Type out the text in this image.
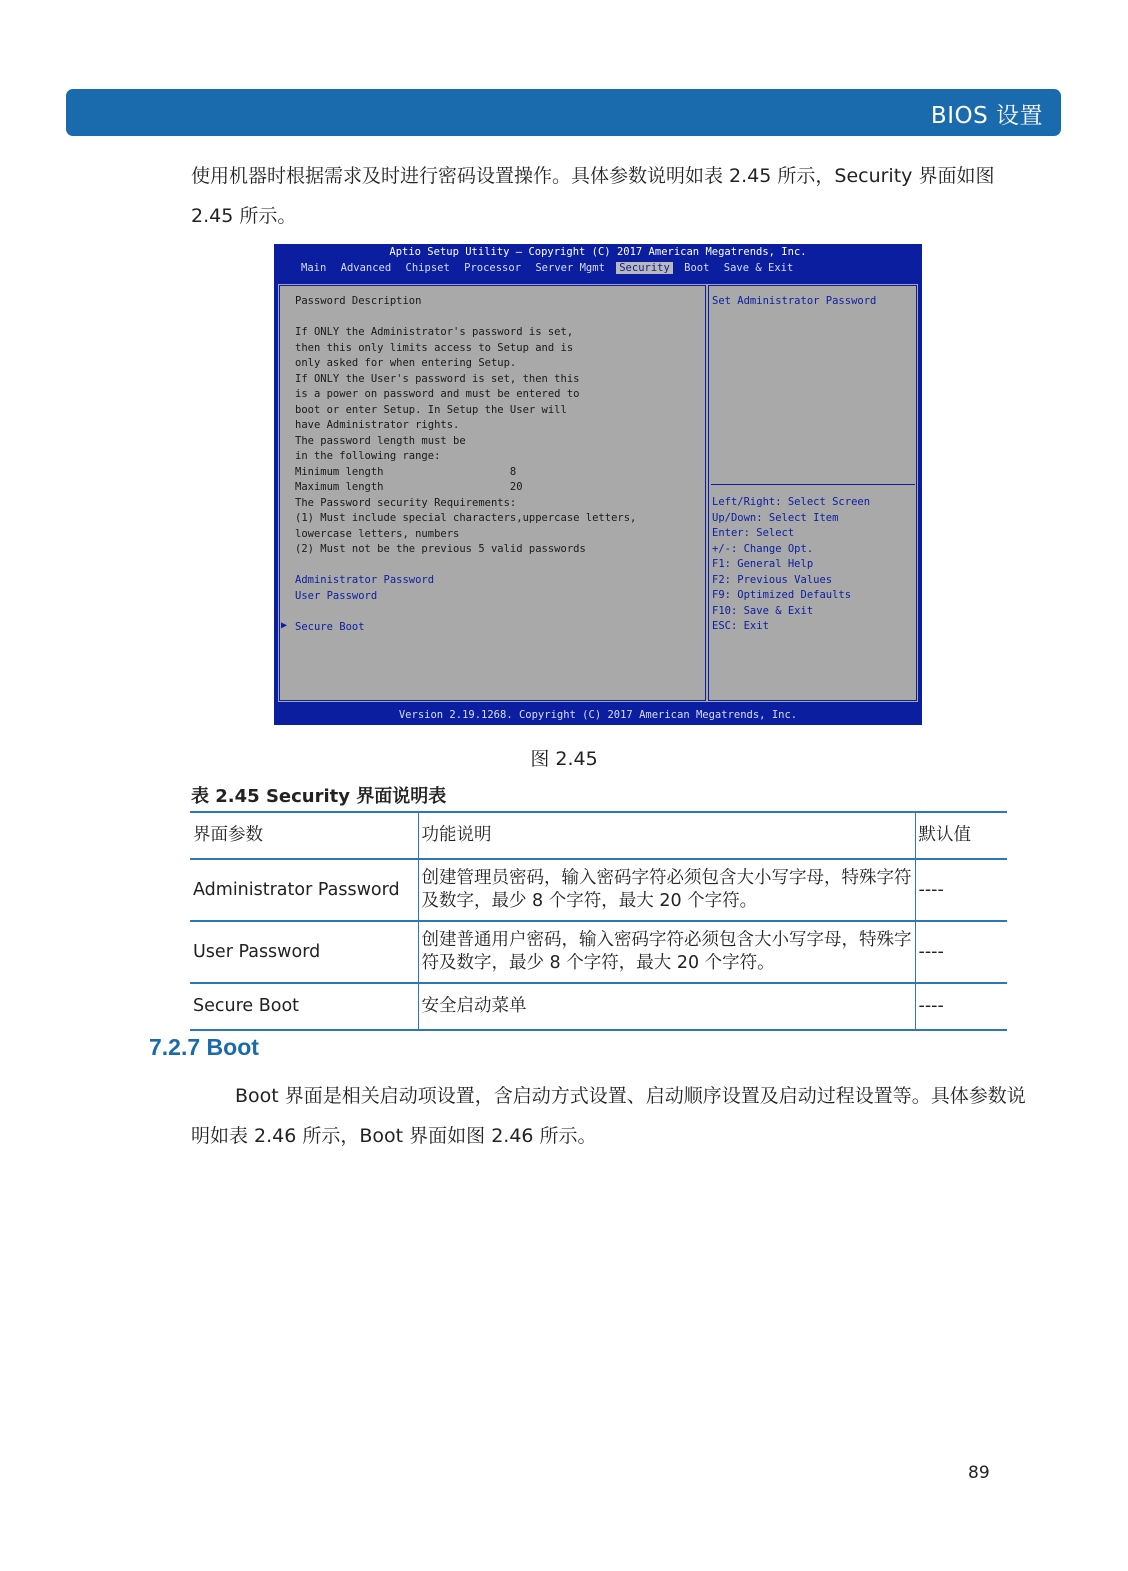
BIOS 设置
使用机器时根据需求及时进行密码设置操作。具体参数说明如表 2.45 所示，Security 界面如图 2.45 所示。
Aptio Setup Utility – Copyright (C) 2017 American Megatrends, Inc.
Main Advanced Chipset Processor Server Mgmt Security Boot Save & Exit
Password Description
If ONLY the Administrator's password is set,
then this only limits access to Setup and is
only asked for when entering Setup.
If ONLY the User's password is set, then this
is a power on password and must be entered to
boot or enter Setup. In Setup the User will
have Administrator rights.
The password length must be
in the following range:
Minimum length                    8
Maximum length                    20
The Password security Requirements:
(1) Must include special characters,uppercase letters,
lowercase letters, numbers
(2) Must not be the previous 5 valid passwords
Administrator Password
User Password
▶ Secure Boot
Set Administrator Password
Left/Right: Select Screen
Up/Down: Select Item
Enter: Select
+/-: Change Opt.
F1: General Help
F2: Previous Values
F9: Optimized Defaults
F10: Save & Exit
ESC: Exit
Version 2.19.1268. Copyright (C) 2017 American Megatrends, Inc.
图 2.45
表 2.45 Security 界面说明表
界面参数	功能说明	默认值
Administrator Password	创建管理员密码，输入密码字符必须包含大小写字母，特殊字符及数字，最少 8 个字符，最大 20 个字符。	----
User Password	创建普通用户密码，输入密码字符必须包含大小写字母，特殊字符及数字，最少 8 个字符，最大 20 个字符。	----
Secure Boot	安全启动菜单	----
7.2.7 Boot
Boot 界面是相关启动项设置，含启动方式设置、启动顺序设置及启动过程设置等。具体参数说明如表 2.46 所示，Boot 界面如图 2.46 所示。
89
